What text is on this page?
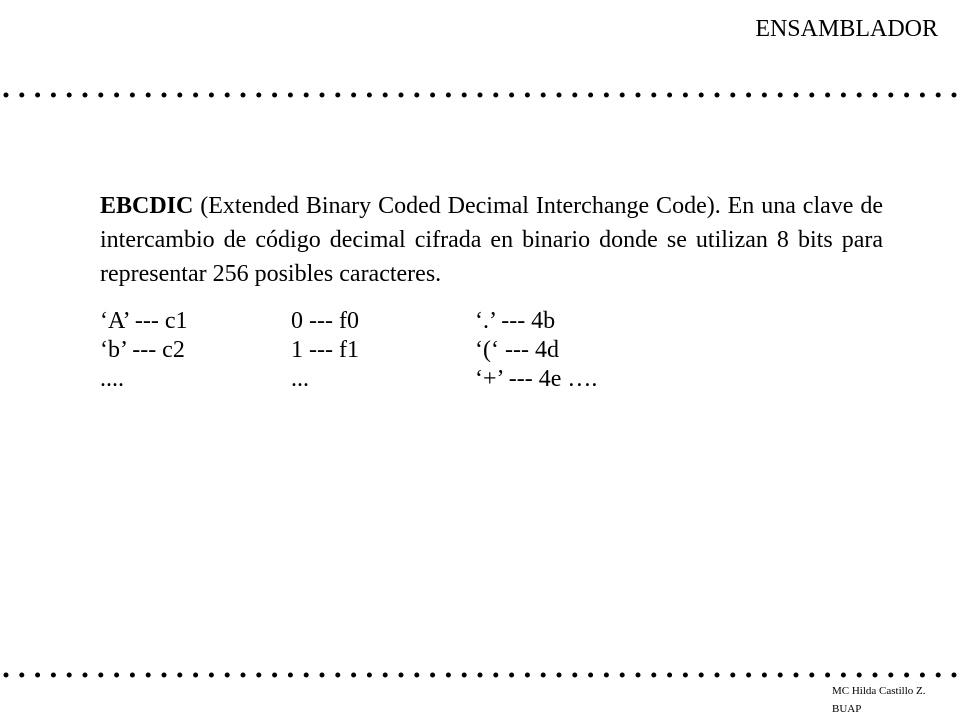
ENSAMBLADOR

EBCDIC (Extended Binary Coded Decimal Interchange Code). En una clave de intercambio de código decimal cifrada en binario donde se utilizan 8 bits para representar 256 posibles caracteres.

‘A’ --- c1	0 --- f0	‘.’ --- 4b
‘b’ --- c2	1 --- f1	‘(‘ --- 4d
....	...	‘+’ --- 4e ….
MC Hilda Castillo Z.
BUAP
